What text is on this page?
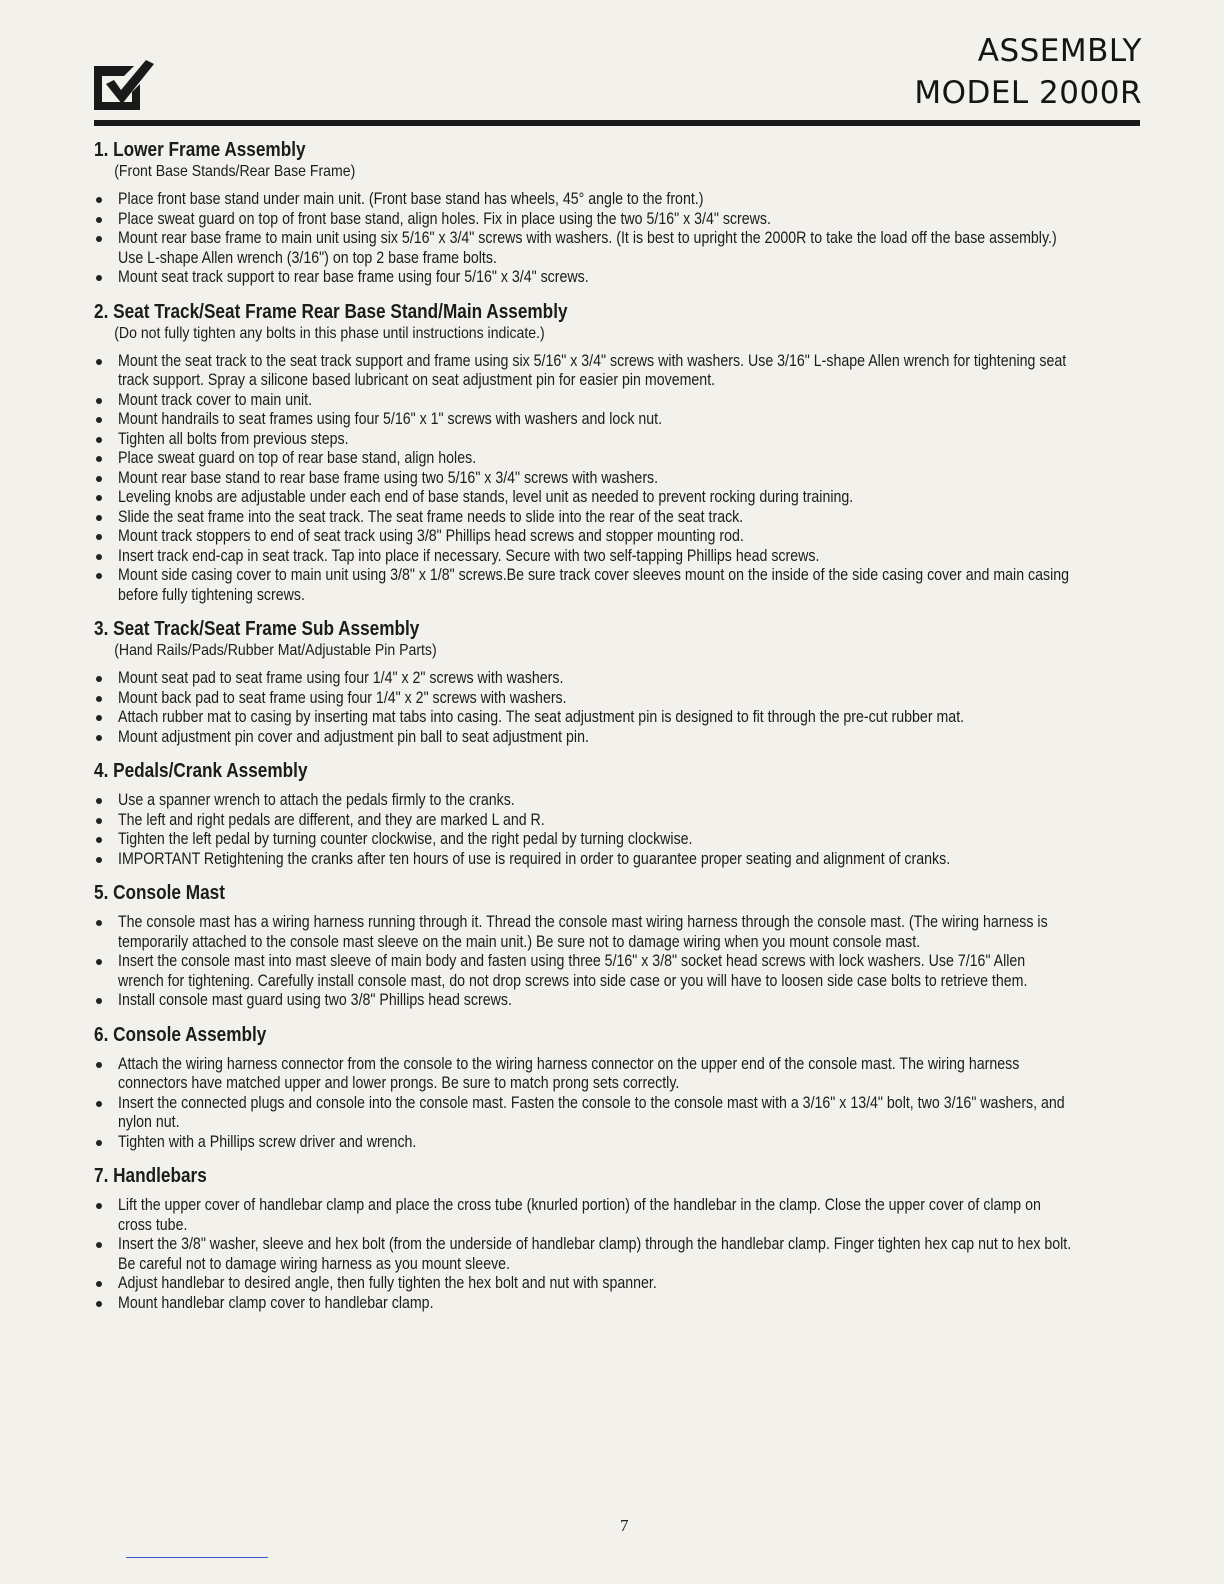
ASSEMBLY
MODEL 2000R
1. Lower Frame Assembly
(Front Base Stands/Rear Base Frame)
Place front base stand under main unit. (Front base stand has wheels, 45° angle to the front.)
Place sweat guard on top of front base stand, align holes. Fix in place using the two 5/16" x 3/4" screws.
Mount rear base frame to main unit using six 5/16" x 3/4" screws with washers. (It is best to upright the 2000R to take the load off the base assembly.) Use L-shape Allen wrench (3/16") on top 2 base frame bolts.
Mount seat track support to rear base frame using four 5/16" x 3/4" screws.
2. Seat Track/Seat Frame Rear Base Stand/Main Assembly
(Do not fully tighten any bolts in this phase until instructions indicate.)
Mount the seat track to the seat track support and frame using six 5/16" x 3/4" screws with washers. Use 3/16" L-shape Allen wrench for tightening seat track support. Spray a silicone based lubricant on seat adjustment pin for easier pin movement.
Mount track cover to main unit.
Mount handrails to seat frames using four 5/16" x 1" screws with washers and lock nut.
Tighten all bolts from previous steps.
Place sweat guard on top of rear base stand, align holes.
Mount rear base stand to rear base frame using two 5/16" x 3/4" screws with washers.
Leveling knobs are adjustable under each end of base stands, level unit as needed to prevent rocking during training.
Slide the seat frame into the seat track. The seat frame needs to slide into the rear of the seat track.
Mount track stoppers to end of seat track using 3/8" Phillips head screws and stopper mounting rod.
Insert track end-cap in seat track. Tap into place if necessary. Secure with two self-tapping Phillips head screws.
Mount side casing cover to main unit using 3/8" x 1/8" screws.Be sure track cover sleeves mount on the inside of the side casing cover and main casing before fully tightening screws.
3. Seat Track/Seat Frame Sub Assembly
(Hand Rails/Pads/Rubber Mat/Adjustable Pin Parts)
Mount seat pad to seat frame using four 1/4" x 2" screws with washers.
Mount back pad to seat frame using four 1/4" x 2" screws with washers.
Attach rubber mat to casing by inserting mat tabs into casing. The seat adjustment pin is designed to fit through the pre-cut rubber mat.
Mount adjustment pin cover and adjustment pin ball to seat adjustment pin.
4. Pedals/Crank Assembly
Use a spanner wrench to attach the pedals firmly to the cranks.
The left and right pedals are different, and they are marked L and R.
Tighten the left pedal by turning counter clockwise, and the right pedal by turning clockwise.
IMPORTANT Retightening the cranks after ten hours of use is required in order to guarantee proper seating and alignment of cranks.
5. Console Mast
The console mast has a wiring harness running through it. Thread the console mast wiring harness through the console mast. (The wiring harness is temporarily attached to the console mast sleeve on the main unit.) Be sure not to damage wiring when you mount console mast.
Insert the console mast into mast sleeve of main body and fasten using three 5/16" x 3/8" socket head screws with lock washers. Use 7/16" Allen wrench for tightening. Carefully install console mast, do not drop screws into side case or you will have to loosen side case bolts to retrieve them.
Install console mast guard using two 3/8" Phillips head screws.
6. Console Assembly
Attach the wiring harness connector from the console to the wiring harness connector on the upper end of the console mast. The wiring harness connectors have matched upper and lower prongs. Be sure to match prong sets correctly.
Insert the connected plugs and console into the console mast. Fasten the console to the console mast with a 3/16" x 13/4" bolt, two 3/16" washers, and nylon nut.
Tighten with a Phillips screw driver and wrench.
7. Handlebars
Lift the upper cover of handlebar clamp and place the cross tube (knurled portion) of the handlebar in the clamp. Close the upper cover of clamp on cross tube.
Insert the 3/8" washer, sleeve and hex bolt (from the underside of handlebar clamp) through the handlebar clamp. Finger tighten hex cap nut to hex bolt. Be careful not to damage wiring harness as you mount sleeve.
Adjust handlebar to desired angle, then fully tighten the hex bolt and nut with spanner.
Mount handlebar clamp cover to handlebar clamp.
7
